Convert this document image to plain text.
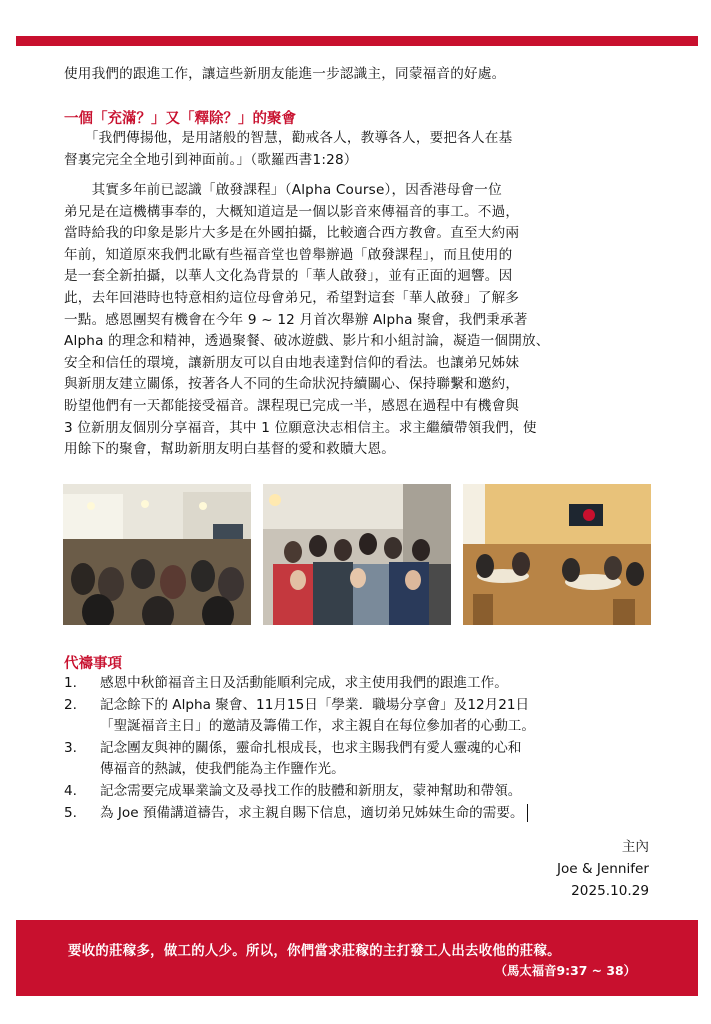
使用我們的跟進工作，讓這些新朋友能進一步認識主，同蒙福音的好處。
一個「充滿？」又「釋除？」的聚會
　　「我們傳揚他，是用諸般的智慧，勸戒各人，教導各人，要把各人在基
督裏完完全全地引到神面前。」（歌羅西書1:28）
　　其實多年前已認識「啟發課程」（Alpha Course），因香港母會一位
弟兄是在這機構事奉的，大概知道這是一個以影音來傳福音的事工。不過，
當時給我的印象是影片大多是在外國拍攝，比較適合西方教會。直至大約兩
年前，知道原來我們北歐有些福音堂也曾舉辦過「啟發課程」，而且使用的
是一套全新拍攝，以華人文化為背景的「華人啟發」，並有正面的迴響。因
此，去年回港時也特意相約這位母會弟兄，希望對這套「華人啟發」了解多
一點。感恩團契有機會在今年 9 ~ 12 月首次舉辦 Alpha 聚會，我們秉承著
Alpha 的理念和精神，透過聚餐、破冰遊戲、影片和小組討論，凝造一個開放、
安全和信任的環境，讓新朋友可以自由地表達對信仰的看法。也讓弟兄姊妹
與新朋友建立關係，按著各人不同的生命狀況持續關心、保持聯繫和邀約，
盼望他們有一天都能接受福音。課程現已完成一半，感恩在過程中有機會與
3 位新朋友個別分享福音，其中 1 位願意決志相信主。求主繼續帶領我們，使
用餘下的聚會，幫助新朋友明白基督的愛和救贖大恩。
代禱事項
1. 感恩中秋節福音主日及活動能順利完成，求主使用我們的跟進工作。
2. 記念餘下的 Alpha 聚會、11月15日「學業．職場分享會」及12月21日
「聖誕福音主日」的邀請及籌備工作，求主親自在每位參加者的心動工。
3. 記念團友與神的關係，靈命扎根成長，也求主賜我們有愛人靈魂的心和
傳福音的熱誠，使我們能為主作鹽作光。
4. 記念需要完成畢業論文及尋找工作的肢體和新朋友，蒙神幫助和帶領。
5. 為 Joe 預備講道禱告，求主親自賜下信息，適切弟兄姊妹生命的需要。
主內
Joe & Jennifer
2025.10.29
要收的莊稼多，做工的人少。所以，你們當求莊稼的主打發工人出去收他的莊稼。
（馬太福音9:37 ~ 38）
